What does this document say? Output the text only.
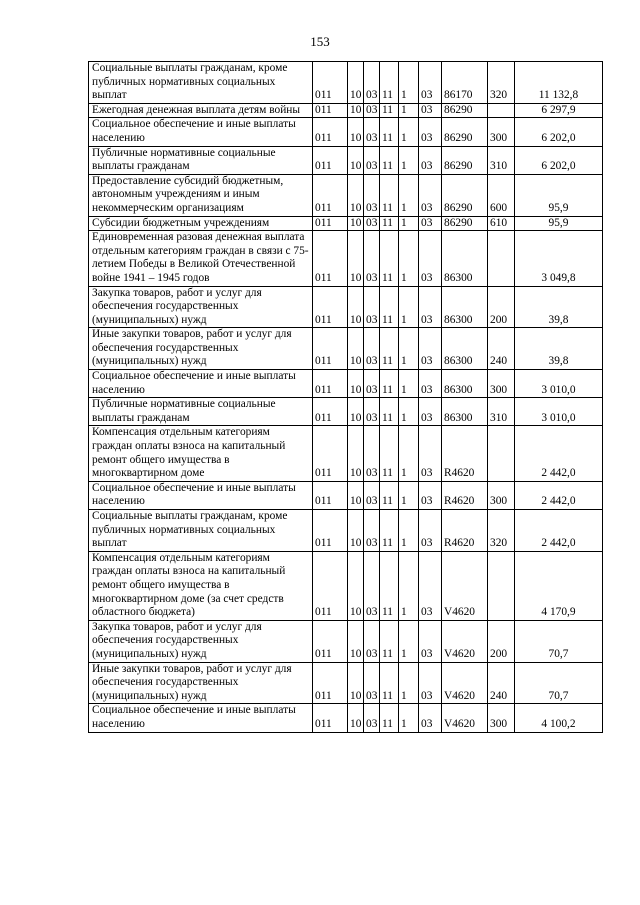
153
Социальные выплаты гражданам, кроме публичных нормативных социальных выплат	011	10	03	11	1	03	86170	320	11 132,8
Ежегодная денежная выплата детям войны	011	10	03	11	1	03	86290		6 297,9
Социальное обеспечение и иные выплаты населению	011	10	03	11	1	03	86290	300	6 202,0
Публичные нормативные социальные выплаты гражданам	011	10	03	11	1	03	86290	310	6 202,0
Предоставление субсидий бюджетным, автономным учреждениям и иным некоммерческим организациям	011	10	03	11	1	03	86290	600	95,9
Субсидии бюджетным учреждениям	011	10	03	11	1	03	86290	610	95,9
Единовременная разовая денежная выплата отдельным категориям граждан в связи с 75- летием Победы в Великой Отечественной войне 1941 – 1945 годов	011	10	03	11	1	03	86300		3 049,8
Закупка товаров, работ и услуг для обеспечения государственных (муниципальных) нужд	011	10	03	11	1	03	86300	200	39,8
Иные закупки товаров, работ и услуг для обеспечения государственных (муниципальных) нужд	011	10	03	11	1	03	86300	240	39,8
Социальное обеспечение и иные выплаты населению	011	10	03	11	1	03	86300	300	3 010,0
Публичные нормативные социальные выплаты гражданам	011	10	03	11	1	03	86300	310	3 010,0
Компенсация отдельным категориям граждан оплаты взноса на капитальный ремонт общего имущества в многоквартирном доме	011	10	03	11	1	03	R4620		2 442,0
Социальное обеспечение и иные выплаты населению	011	10	03	11	1	03	R4620	300	2 442,0
Социальные выплаты гражданам, кроме публичных нормативных социальных выплат	011	10	03	11	1	03	R4620	320	2 442,0
Компенсация отдельным категориям граждан оплаты взноса на капитальный ремонт общего имущества в многоквартирном доме (за счет средств областного бюджета)	011	10	03	11	1	03	V4620		4 170,9
Закупка товаров, работ и услуг для обеспечения государственных (муниципальных) нужд	011	10	03	11	1	03	V4620	200	70,7
Иные закупки товаров, работ и услуг для обеспечения государственных (муниципальных) нужд	011	10	03	11	1	03	V4620	240	70,7
Социальное обеспечение и иные выплаты населению	011	10	03	11	1	03	V4620	300	4 100,2
